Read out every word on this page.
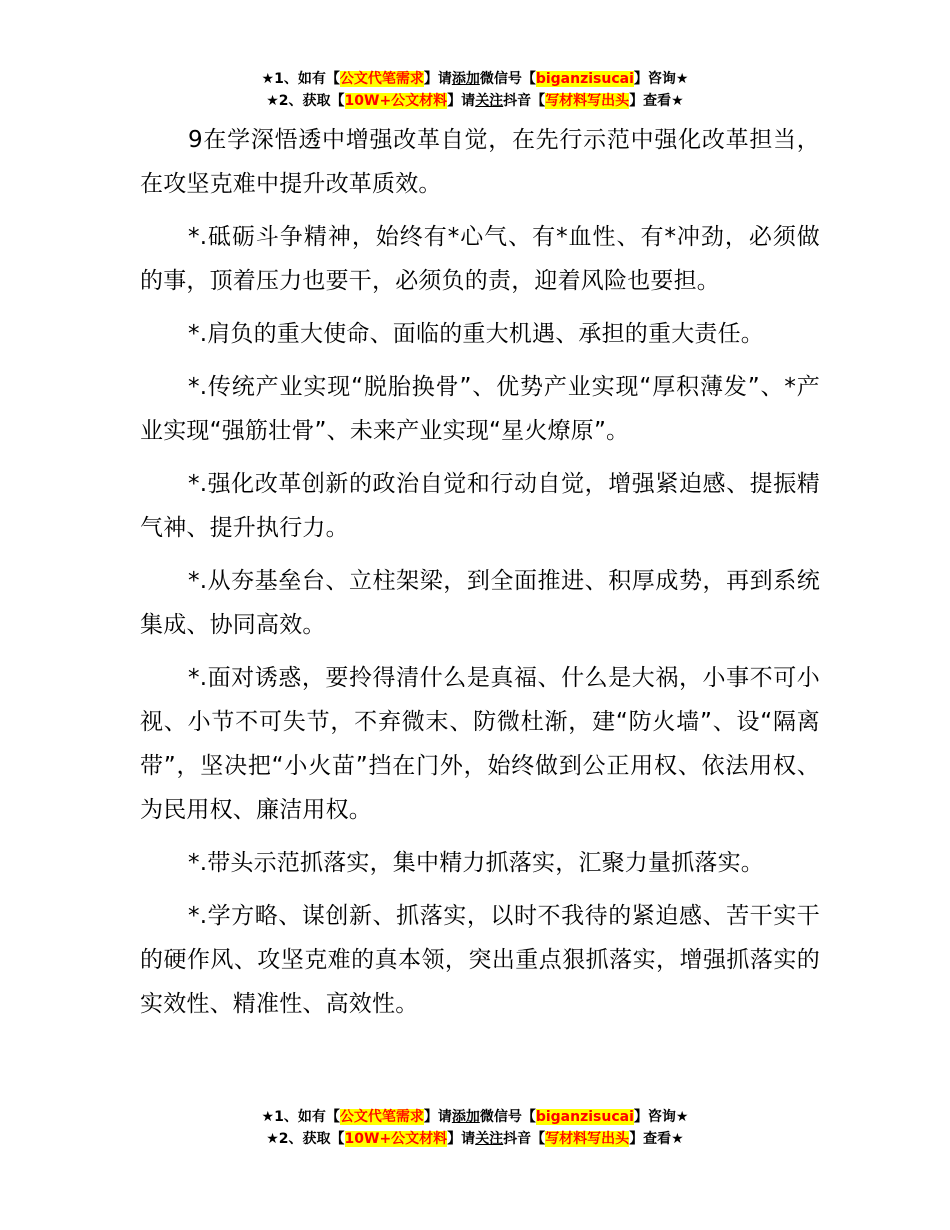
★1、如有【公文代笔需求】请添加微信号【biganzisucai】咨询★
★2、获取【10W+公文材料】请关注抖音【写材料写出头】查看★

9在学深悟透中增强改革自觉，在先行示范中强化改革担当，在攻坚克难中提升改革质效。

*.砥砺斗争精神，始终有*心气、有*血性、有*冲劲，必须做的事，顶着压力也要干，必须负的责，迎着风险也要担。

*.肩负的重大使命、面临的重大机遇、承担的重大责任。

*.传统产业实现“脱胎换骨”、优势产业实现“厚积薄发”、*产业实现“强筋壮骨”、未来产业实现“星火燎原”。

*.强化改革创新的政治自觉和行动自觉，增强紧迫感、提振精气神、提升执行力。

*.从夯基垒台、立柱架梁，到全面推进、积厚成势，再到系统集成、协同高效。

*.面对诱惑，要拎得清什么是真福、什么是大祸，小事不可小视、小节不可失节，不弃微末、防微杜渐，建“防火墙”、设“隔离带”，坚决把“小火苗”挡在门外，始终做到公正用权、依法用权、为民用权、廉洁用权。

*.带头示范抓落实，集中精力抓落实，汇聚力量抓落实。

*.学方略、谋创新、抓落实，以时不我待的紧迫感、苦干实干的硬作风、攻坚克难的真本领，突出重点狠抓落实，增强抓落实的实效性、精准性、高效性。

★1、如有【公文代笔需求】请添加微信号【biganzisucai】咨询★
★2、获取【10W+公文材料】请关注抖音【写材料写出头】查看★
